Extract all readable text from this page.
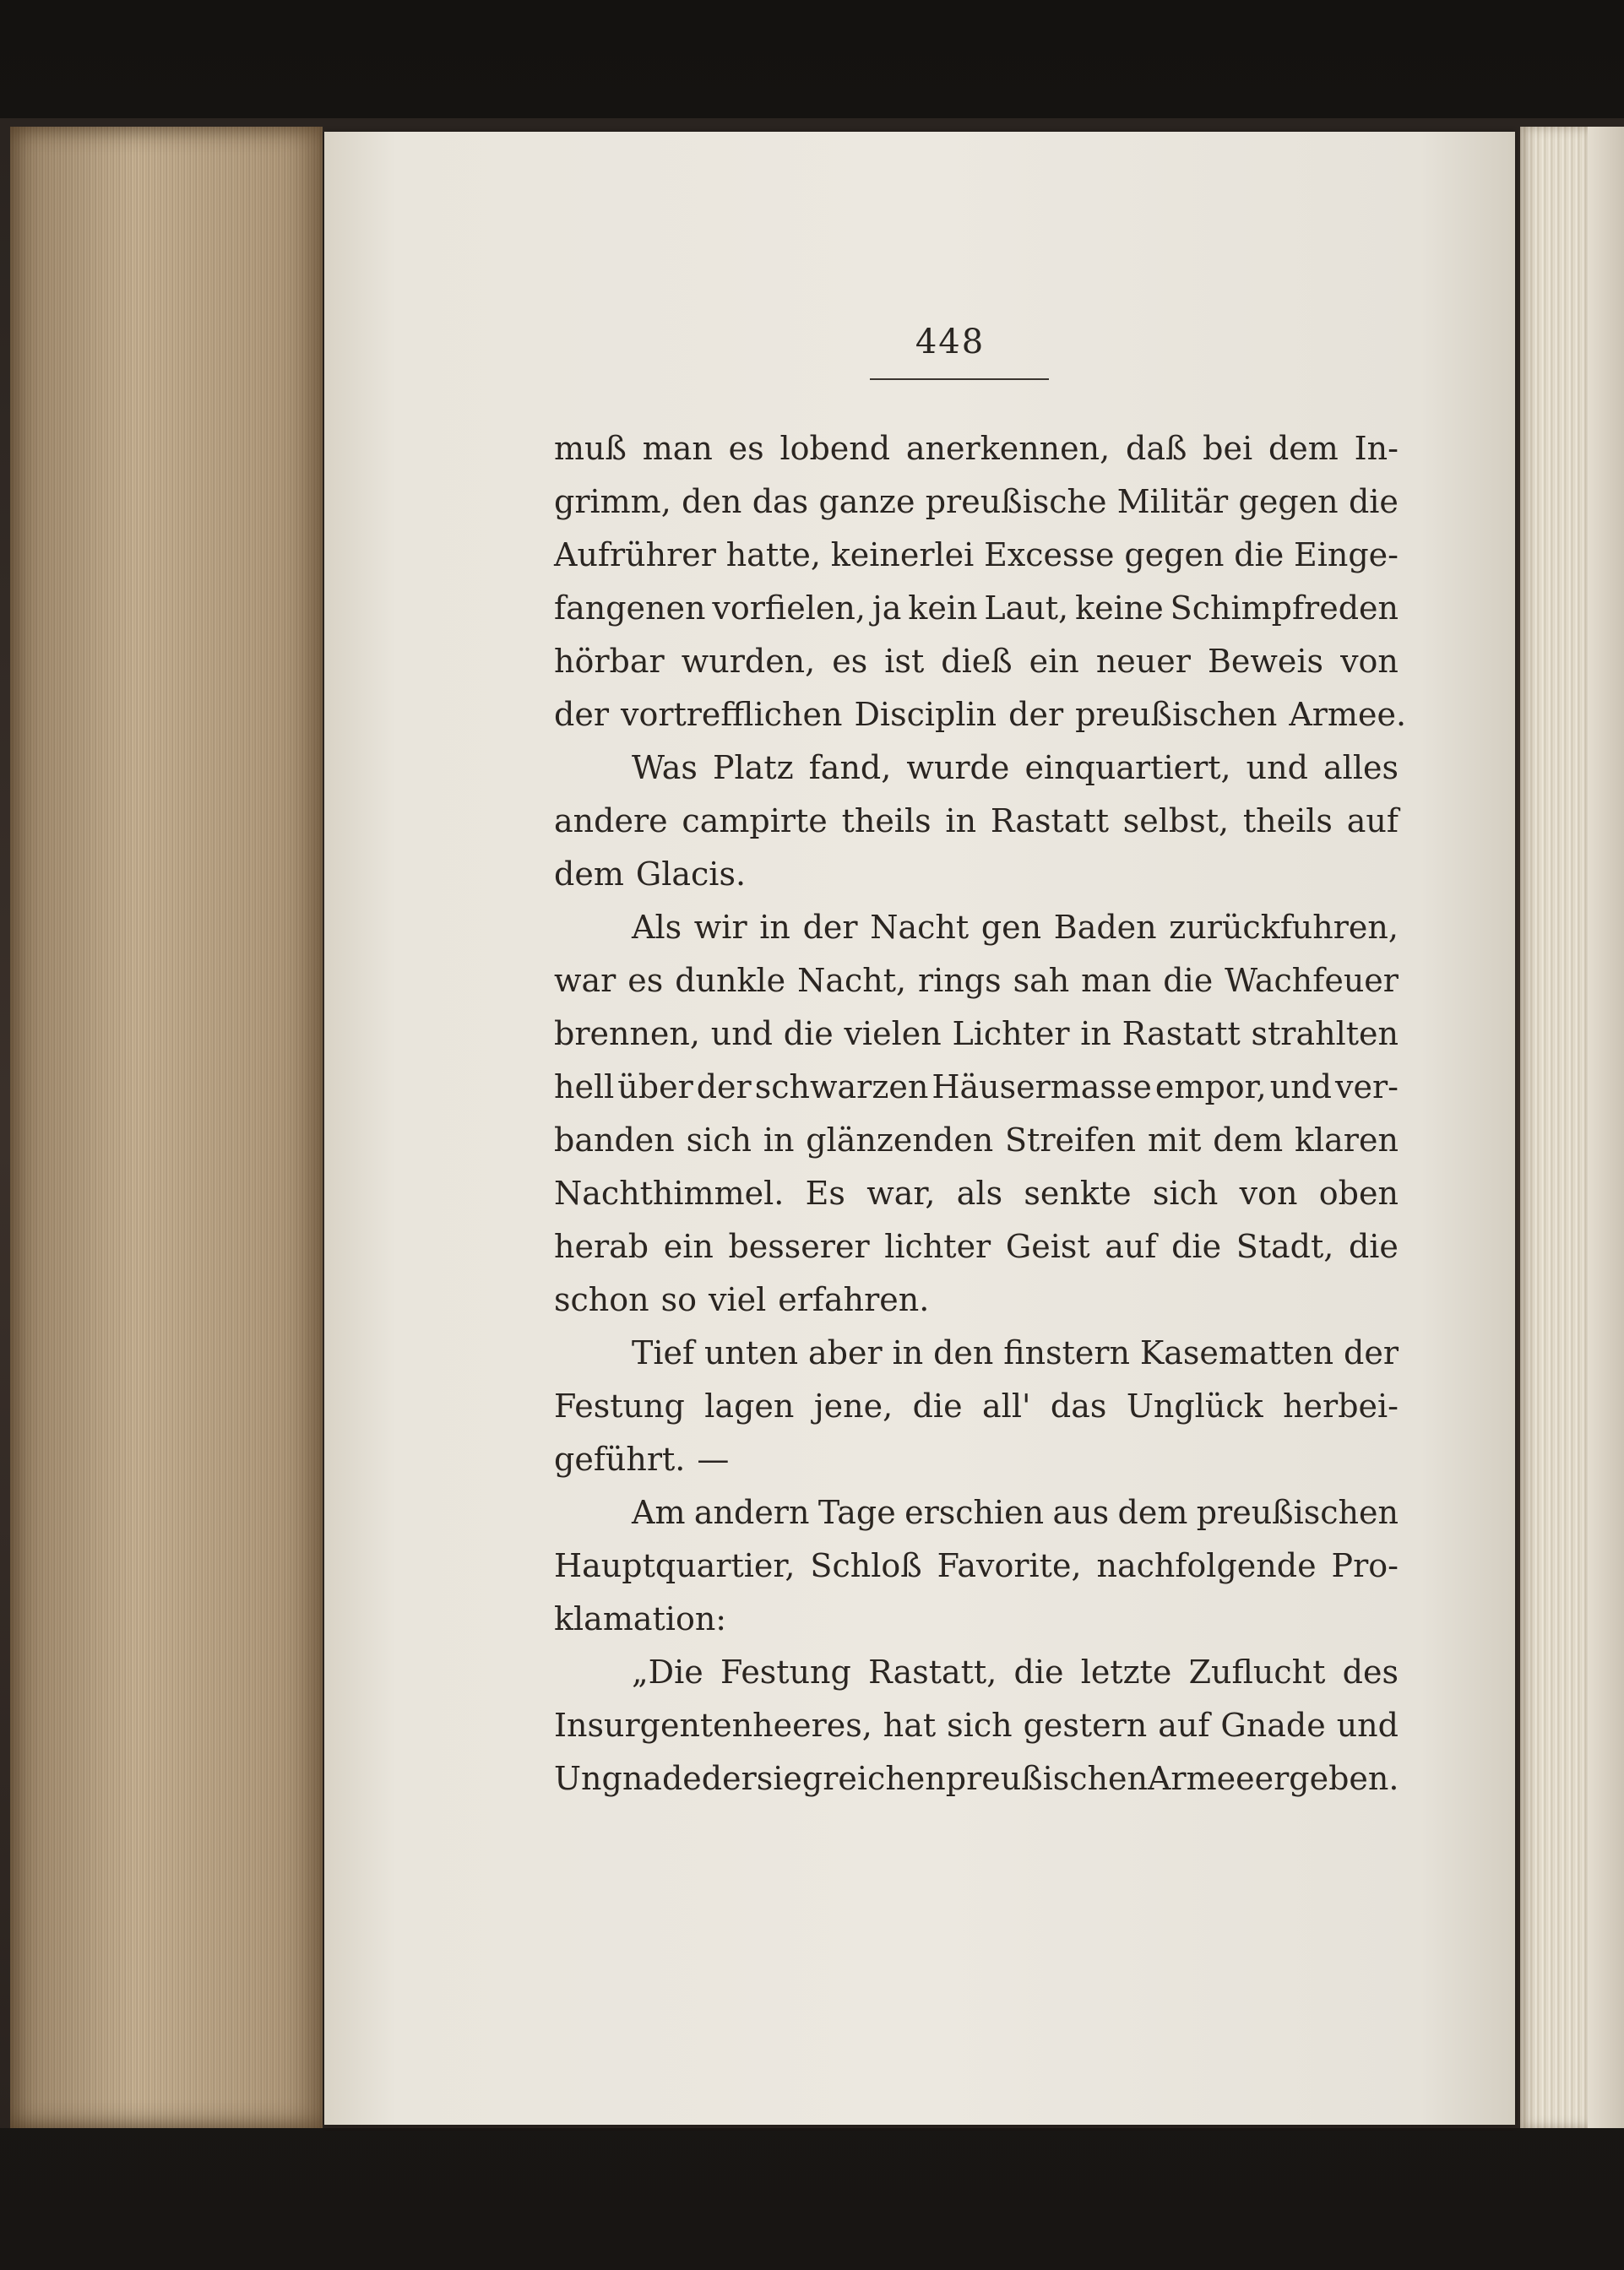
448
muß man es lobend anerkennen, daß bei dem In-
grimm, den das ganze preußische Militär gegen die
Aufrührer hatte, keinerlei Excesse gegen die Einge-
fangenen vorfielen, ja kein Laut, keine Schimpfreden
hörbar wurden, es ist dieß ein neuer Beweis von
der vortrefflichen Disciplin der preußischen Armee.
Was Platz fand, wurde einquartiert, und alles
andere campirte theils in Rastatt selbst, theils auf
dem Glacis.
Als wir in der Nacht gen Baden zurückfuhren,
war es dunkle Nacht, rings sah man die Wachfeuer
brennen, und die vielen Lichter in Rastatt strahlten
hell über der schwarzen Häusermasse empor, und ver-
banden sich in glänzenden Streifen mit dem klaren
Nachthimmel. Es war, als senkte sich von oben
herab ein besserer lichter Geist auf die Stadt, die
schon so viel erfahren.
Tief unten aber in den finstern Kasematten der
Festung lagen jene, die all' das Unglück herbei-
geführt. —
Am andern Tage erschien aus dem preußischen
Hauptquartier, Schloß Favorite, nachfolgende Pro-
klamation:
„Die Festung Rastatt, die letzte Zuflucht des
Insurgentenheeres, hat sich gestern auf Gnade und
Ungnade der siegreichen preußischen Armee ergeben.
